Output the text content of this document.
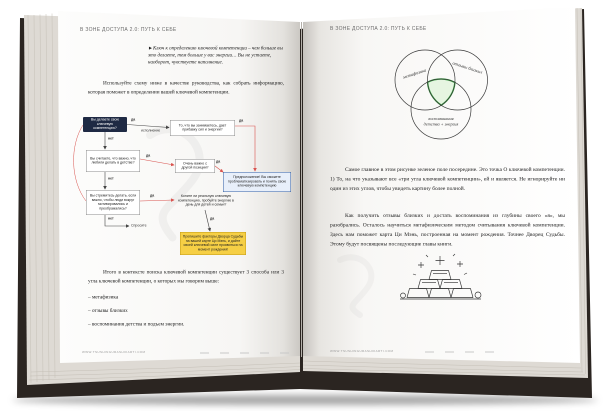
метафизика	отзывы близких
воспоминания
детства + энергия
В ЗОНЕ ДОСТУПА 2.0: ПУТЬ К СЕБЕ
►Ключ к определению ключевой компетенции – чем больше вы это делаете, тем больше у вас энергии… Вы не устаете, наоборот, чувствуете наполнение.
Используйте схему ниже в качестве руководства, как собрать информацию, которая поможет в определении вашей ключевой компетенции.
Вы делаете свою ключевую компетенцию?
да
исполнение
То, что вы занимаетесь, дает прибавку сил и энергии?
да
нет
Вы считаете, что важно, что любили делать в детстве?
да
Очень важно с другой позиции?
да
Предположение! Вы сможете проблематизировать и понять свою ключевую компетенцию
нет
Вы стремитесь делать, если важно, чтобы люди вокруг мотивировались и преображались?
да	Копите ли реальную ключевую компетенцию, пробуйте энергию в день для детей и семьи?
нет
Спросите
да
Пропишите факторы Дворца Судьбы на вашей карте Ци Мэнь, и дайте своей ключевой силе проявиться на момент рождения!
Итого в контексте поиска ключевой компетенции существует 3 способа или 3 угла ключевой компетенции, о которых мы говорим выше:
– метафизика
– отзывы близких
– воспоминания детства и подъем энергии.
WWW.TSUSHINGURASHIKARTI.COM
В ЗОНЕ ДОСТУПА 2.0: ПУТЬ К СЕБЕ
Самое главное в этом рисунке зеленое поле посередине. Это точка О ключевой компетенции. 1) То, на что указывают все «три угла ключевой компетенции», ей и является. Не игнорируйте ни один из этих углов, чтобы увидеть картину более полной.
Как получить отзывы близких и достать воспоминания из глубины своего «я», мы разобрались. Осталось научиться метафизическим методом считывания ключевой компетенции. Здесь нам поможет карта Ци Мэнь, построенная на момент рождения. Точнее Дворец Судьбы. Этому будут посвящены последующие главы книги.
WWW.TSUSHINGURASHIKARTI.COM
